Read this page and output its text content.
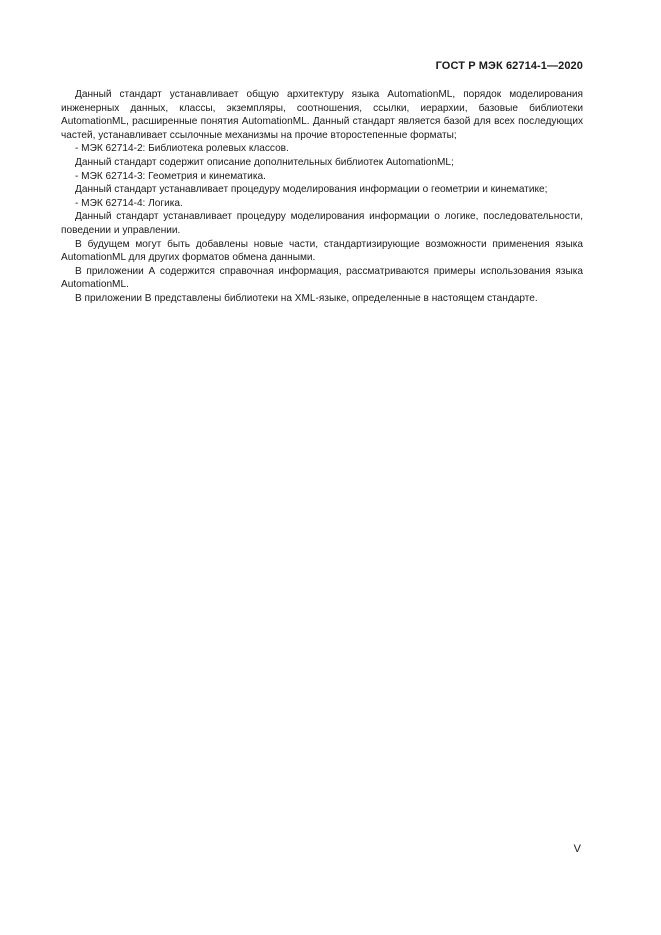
ГОСТ Р МЭК 62714-1—2020

Данный стандарт устанавливает общую архитектуру языка AutomationML, порядок моделирования инженерных данных, классы, экземпляры, соотношения, ссылки, иерархии, базовые библиотеки AutomationML, расширенные понятия AutomationML. Данный стандарт является базой для всех последующих частей, устанавливает ссылочные механизмы на прочие второстепенные форматы;

- МЭК 62714-2: Библиотека ролевых классов.

Данный стандарт содержит описание дополнительных библиотек AutomationML;

- МЭК 62714-3: Геометрия и кинематика.

Данный стандарт устанавливает процедуру моделирования информации о геометрии и кинематике;

- МЭК 62714-4: Логика.

Данный стандарт устанавливает процедуру моделирования информации о логике, последовательности, поведении и управлении.

В будущем могут быть добавлены новые части, стандартизирующие возможности применения языка AutomationML для других форматов обмена данными.

В приложении А содержится справочная информация, рассматриваются примеры использования языка AutomationML.

В приложении В представлены библиотеки на XML-языке, определенные в настоящем стандарте.

V
